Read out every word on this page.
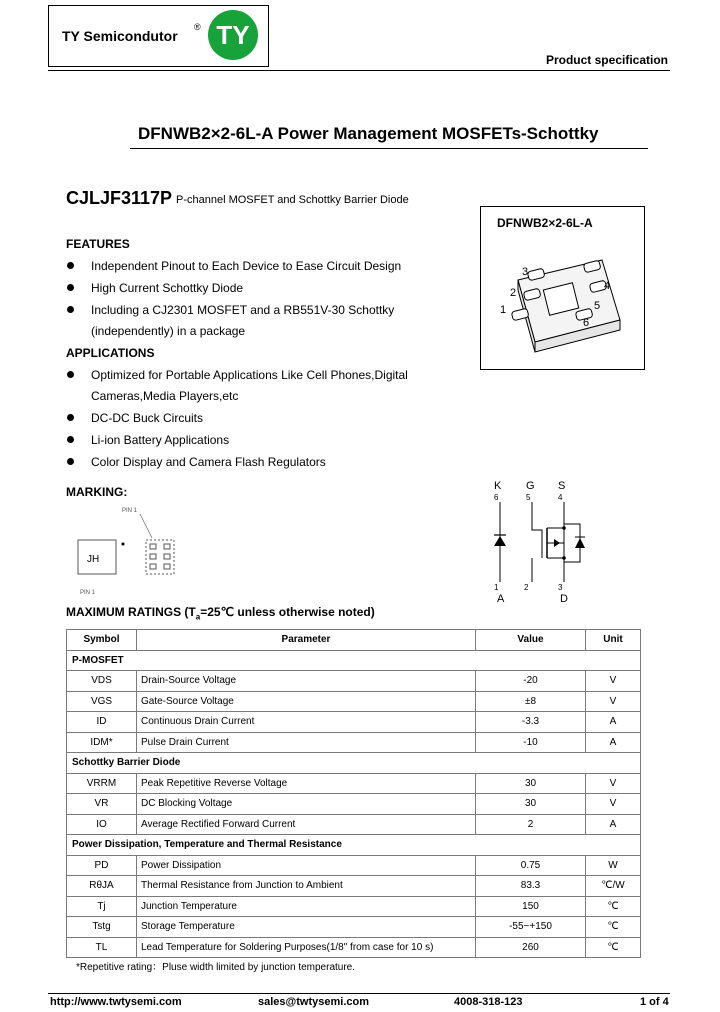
TY Semicondutor
® TY
Product specification
DFNWB2×2-6L-A Power Management MOSFETs-Schottky
CJLJF3117P P-channel MOSFET and Schottky Barrier Diode
FEATURES
Independent Pinout to Each Device to Ease Circuit Design
High Current Schottky Diode
Including a CJ2301 MOSFET and a RB551V-30 Schottky
(independently) in a package
APPLICATIONS
Optimized for Portable Applications Like Cell Phones,Digital
Cameras,Media Players,etc
DC-DC Buck Circuits
Li-ion Battery Applications
Color Display and Camera Flash Regulators
DFNWB2×2-6L-A
3
2
1
4
5
6
MARKING:
JH
PIN 1
PIN 1
K
6
G
5
S
4
1
A
2	3
D
MAXIMUM RATINGS ($T_a=25℃$ unless otherwise noted)
Symbol	Parameter	Value	Unit
P-MOSFET			
VDS	Drain-Source Voltage	-20	V
VGS	Gate-Source Voltage	±8	V
ID	Continuous Drain Current	-3.3	A
IDM*	Pulse Drain Current	-10	A
Schottky Barrier Diode			
VRRM	Peak Repetitive Reverse Voltage	30	V
VR	DC Blocking Voltage	30	V
IO	Average Rectified Forward Current	2	A
Power Dissipation, Temperature and Thermal Resistance			
PD	Power Dissipation	0.75	W
RθJA	Thermal Resistance from Junction to Ambient	83.3	℃/W
Tj	Junction Temperature	150	℃
Tstg	Storage Temperature	-55~+150	℃
TL	Lead Temperature for Soldering Purposes(1/8" from case for 10 s)	260	℃
*Repetitive rating：Pluse width limited by junction temperature.
http://www.twtysemi.com	sales@twtysemi.com	4008-318-123	1 of 4
